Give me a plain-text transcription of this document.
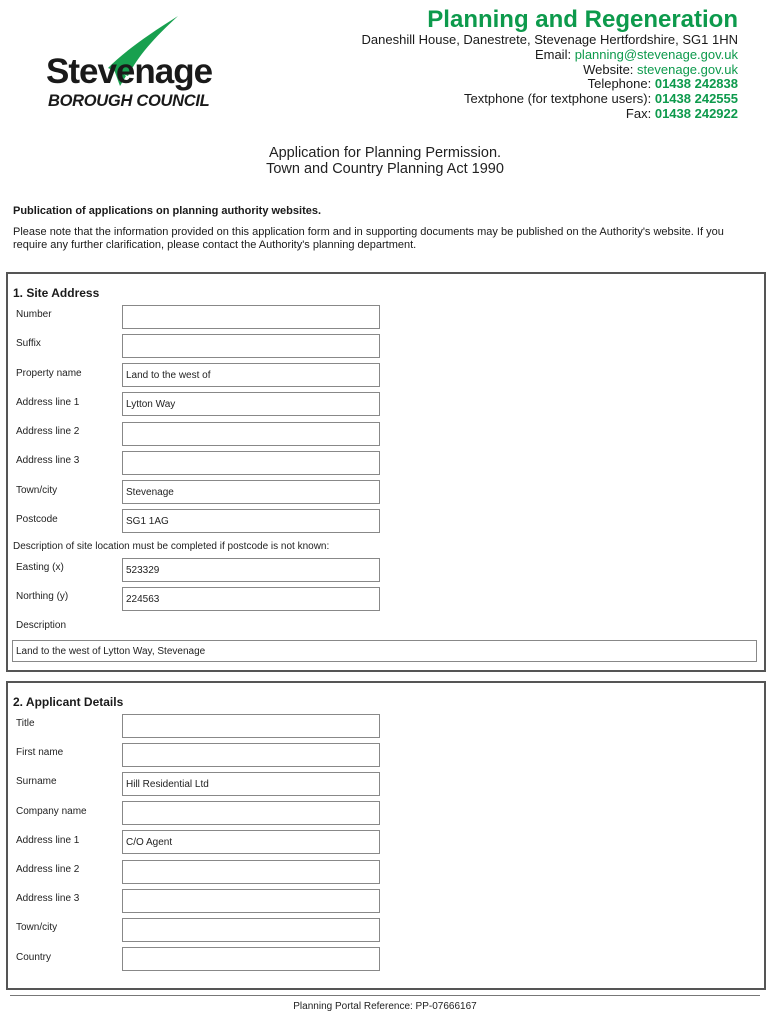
Stevenage
BOROUGH COUNCIL
Planning and Regeneration
Daneshill House, Danestrete, Stevenage Hertfordshire, SG1 1HN
Email: planning@stevenage.gov.uk
Website: stevenage.gov.uk
Telephone: 01438 242838
Textphone (for textphone users): 01438 242555
Fax: 01438 242922
Application for Planning Permission.
Town and Country Planning Act 1990
Publication of applications on planning authority websites.
Please note that the information provided on this application form and in supporting documents may be published on the Authority's website. If you require any further clarification, please contact the Authority's planning department.
1. Site Address
Number
Suffix
Property name	Land to the west of
Address line 1	Lytton Way
Address line 2
Address line 3
Town/city	Stevenage
Postcode	SG1 1AG
Description of site location must be completed if postcode is not known:
Easting (x)	523329
Northing (y)	224563
Description
Land to the west of Lytton Way, Stevenage
2. Applicant Details
Title
First name
Surname	Hill Residential Ltd
Company name
Address line 1	C/O Agent
Address line 2
Address line 3
Town/city
Country
Planning Portal Reference: PP-07666167
